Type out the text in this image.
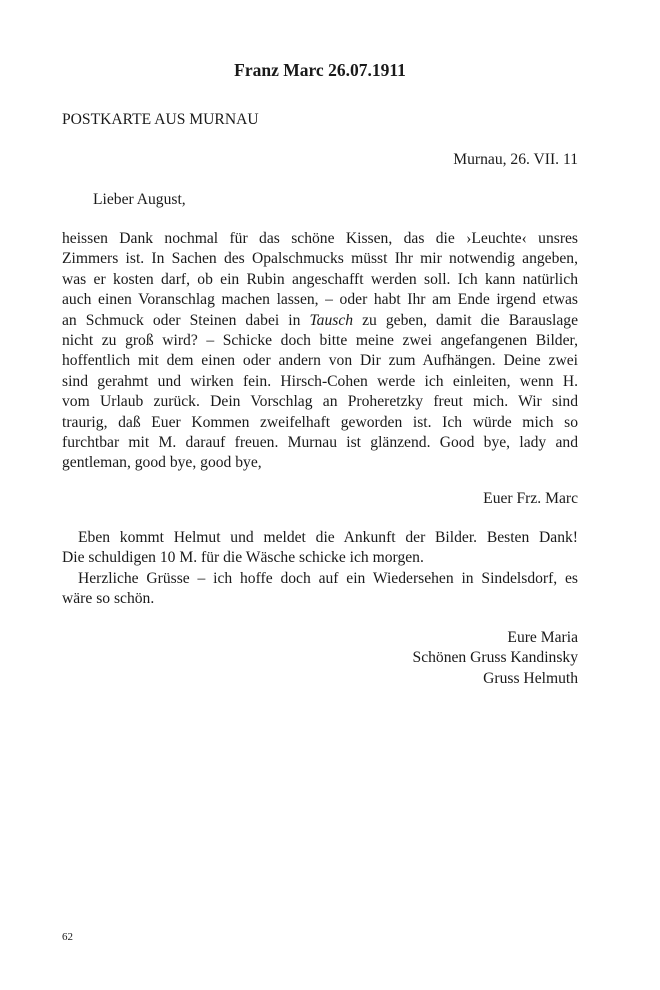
Franz Marc 26.07.1911
POSTKARTE AUS MURNAU
Murnau, 26. VII. 11
Lieber August,
heissen Dank nochmal für das schöne Kissen, das die ›Leuchte‹ unsres
Zimmers ist. In Sachen des Opalschmucks müsst Ihr mir notwendig angeben,
was er kosten darf, ob ein Rubin angeschafft werden soll. Ich kann natürlich
auch einen Voranschlag machen lassen, – oder habt Ihr am Ende irgend etwas
an Schmuck oder Steinen dabei in Tausch zu geben, damit die Barauslage
nicht zu groß wird? – Schicke doch bitte meine zwei angefangenen Bilder,
hoffentlich mit dem einen oder andern von Dir zum Aufhängen. Deine zwei
sind gerahmt und wirken fein. Hirsch-Cohen werde ich einleiten, wenn H.
vom Urlaub zurück. Dein Vorschlag an Proheretzky freut mich. Wir sind
traurig, daß Euer Kommen zweifelhaft geworden ist. Ich würde mich so
furchtbar mit M. darauf freuen. Murnau ist glänzend. Good bye, lady and
gentleman, good bye, good bye,
Euer Frz. Marc
Eben kommt Helmut und meldet die Ankunft der Bilder. Besten Dank!
Die schuldigen 10 M. für die Wäsche schicke ich morgen.
Herzliche Grüsse – ich hoffe doch auf ein Wiedersehen in Sindelsdorf, es
wäre so schön.
Eure Maria
Schönen Gruss Kandinsky
Gruss Helmuth
62
